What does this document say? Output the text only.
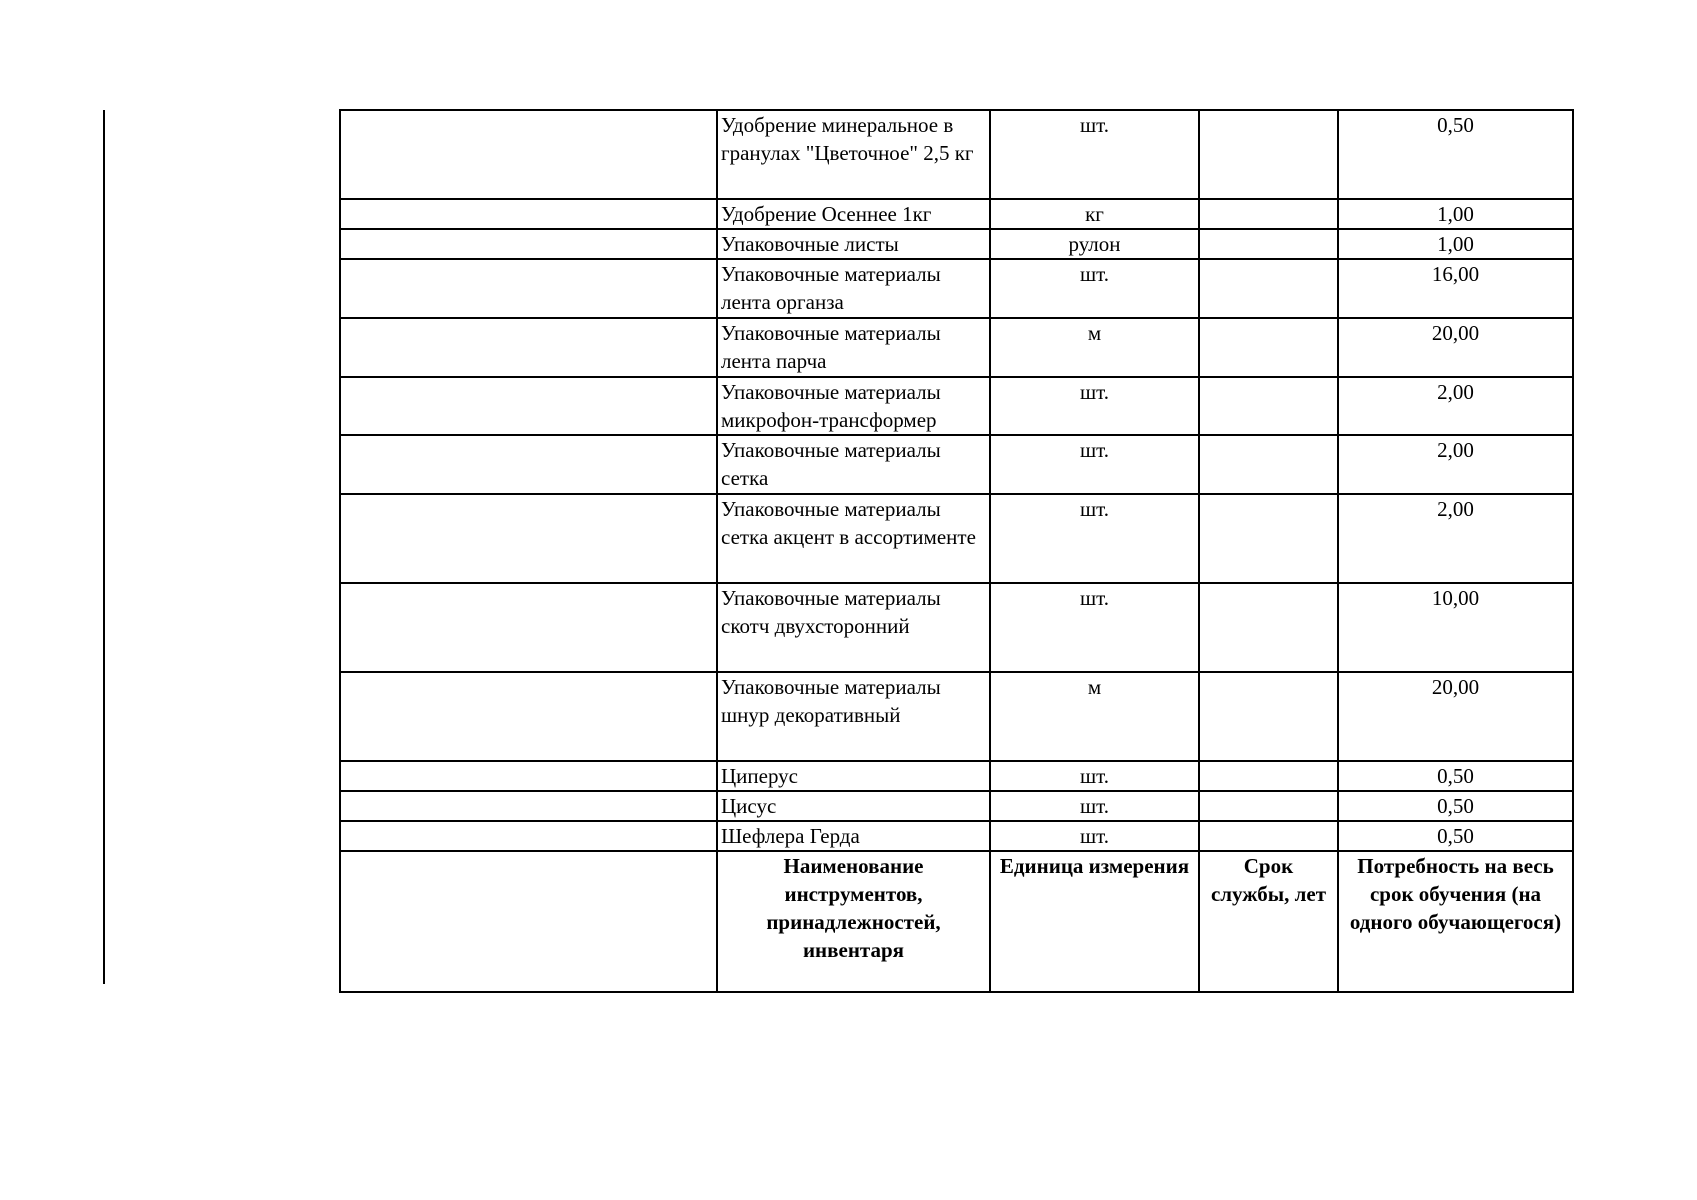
	Удобрение минеральное в гранулах "Цветочное" 2,5 кг	шт.		0,50
	Удобрение Осеннее 1кг	кг		1,00
	Упаковочные листы	рулон		1,00
	Упаковочные материалы лента органза	шт.		16,00
	Упаковочные материалы лента парча	м		20,00
	Упаковочные материалы микрофон-трансформер	шт.		2,00
	Упаковочные материалы сетка	шт.		2,00
	Упаковочные материалы сетка акцент в ассортименте	шт.		2,00
	Упаковочные материалы скотч двухсторонний	шт.		10,00
	Упаковочные материалы шнур декоративный	м		20,00
	Циперус	шт.		0,50
	Цисус	шт.		0,50
	Шефлера Герда	шт.		0,50
	Наименование инструментов, принадлежностей, инвентаря	Единица измерения	Срок службы, лет	Потребность на весь срок обучения (на одного обучающегося)
